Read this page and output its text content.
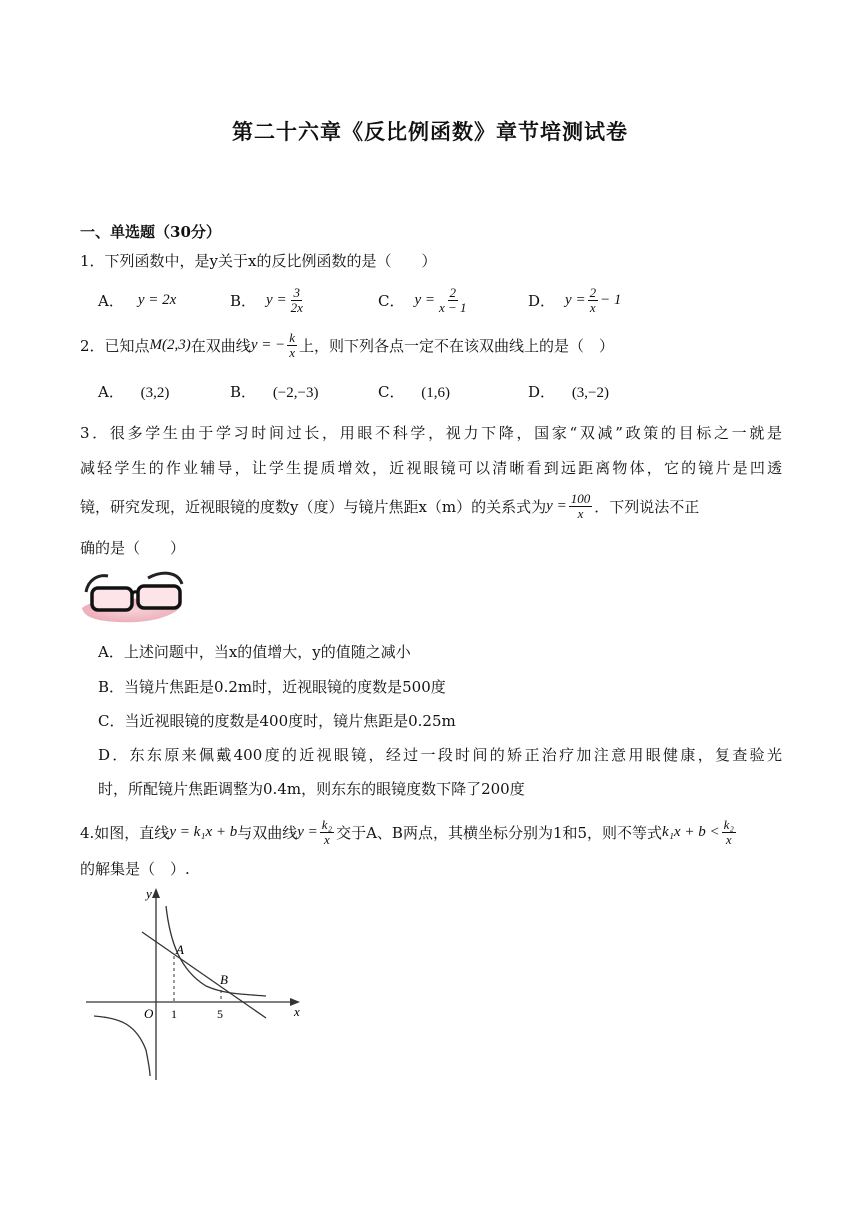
第二十六章《反比例函数》章节培测试卷
一、单选题（30分）
1．下列函数中，是y关于x的反比例函数的是（　　）
A． y = 2x	B． $y = \frac{3}{2x}$	C． $y = \frac{2}{x - 1}$	D． $y = \frac{2}{x} - 1$
2．已知点 M(2,3) 在双曲线 y = − $\frac{k}{x}$ 上，则下列各点一定不在该双曲线上的是（　）
A． (3,2)	B． (−2,−3)	C． (1,6)	D． (3,−2)
3．很多学生由于学习时间过长，用眼不科学，视力下降，国家“双减”政策的目标之一就是
减轻学生的作业辅导，让学生提质增效，近视眼镜可以清晰看到远距离物体，它的镜片是凹透
镜，研究发现，近视眼镜的度数y（度）与镜片焦距x（m）的关系式为 $y = \frac{100}{x}$ ．下列说法不正
确的是（　　）
A．上述问题中，当x的值增大，y的值随之减小
B．当镜片焦距是0.2m时，近视眼镜的度数是500度
C．当近视眼镜的度数是400度时，镜片焦距是0.25m
D．东东原来佩戴400度的近视眼镜，经过一段时间的矫正治疗加注意用眼健康，复查验光
时，所配镜片焦距调整为0.4m，则东东的眼镜度数下降了200度
4.如图，直线 y = k₁x + b 与双曲线 $y = \frac{\text{k₂}}{x}$ 交于A、B两点，其横坐标分别为1和5，则不等式 $k_1x + b < \frac{\text{k₂}}{x}$
的解集是（　）.
y
x
O
A
B
1	5
